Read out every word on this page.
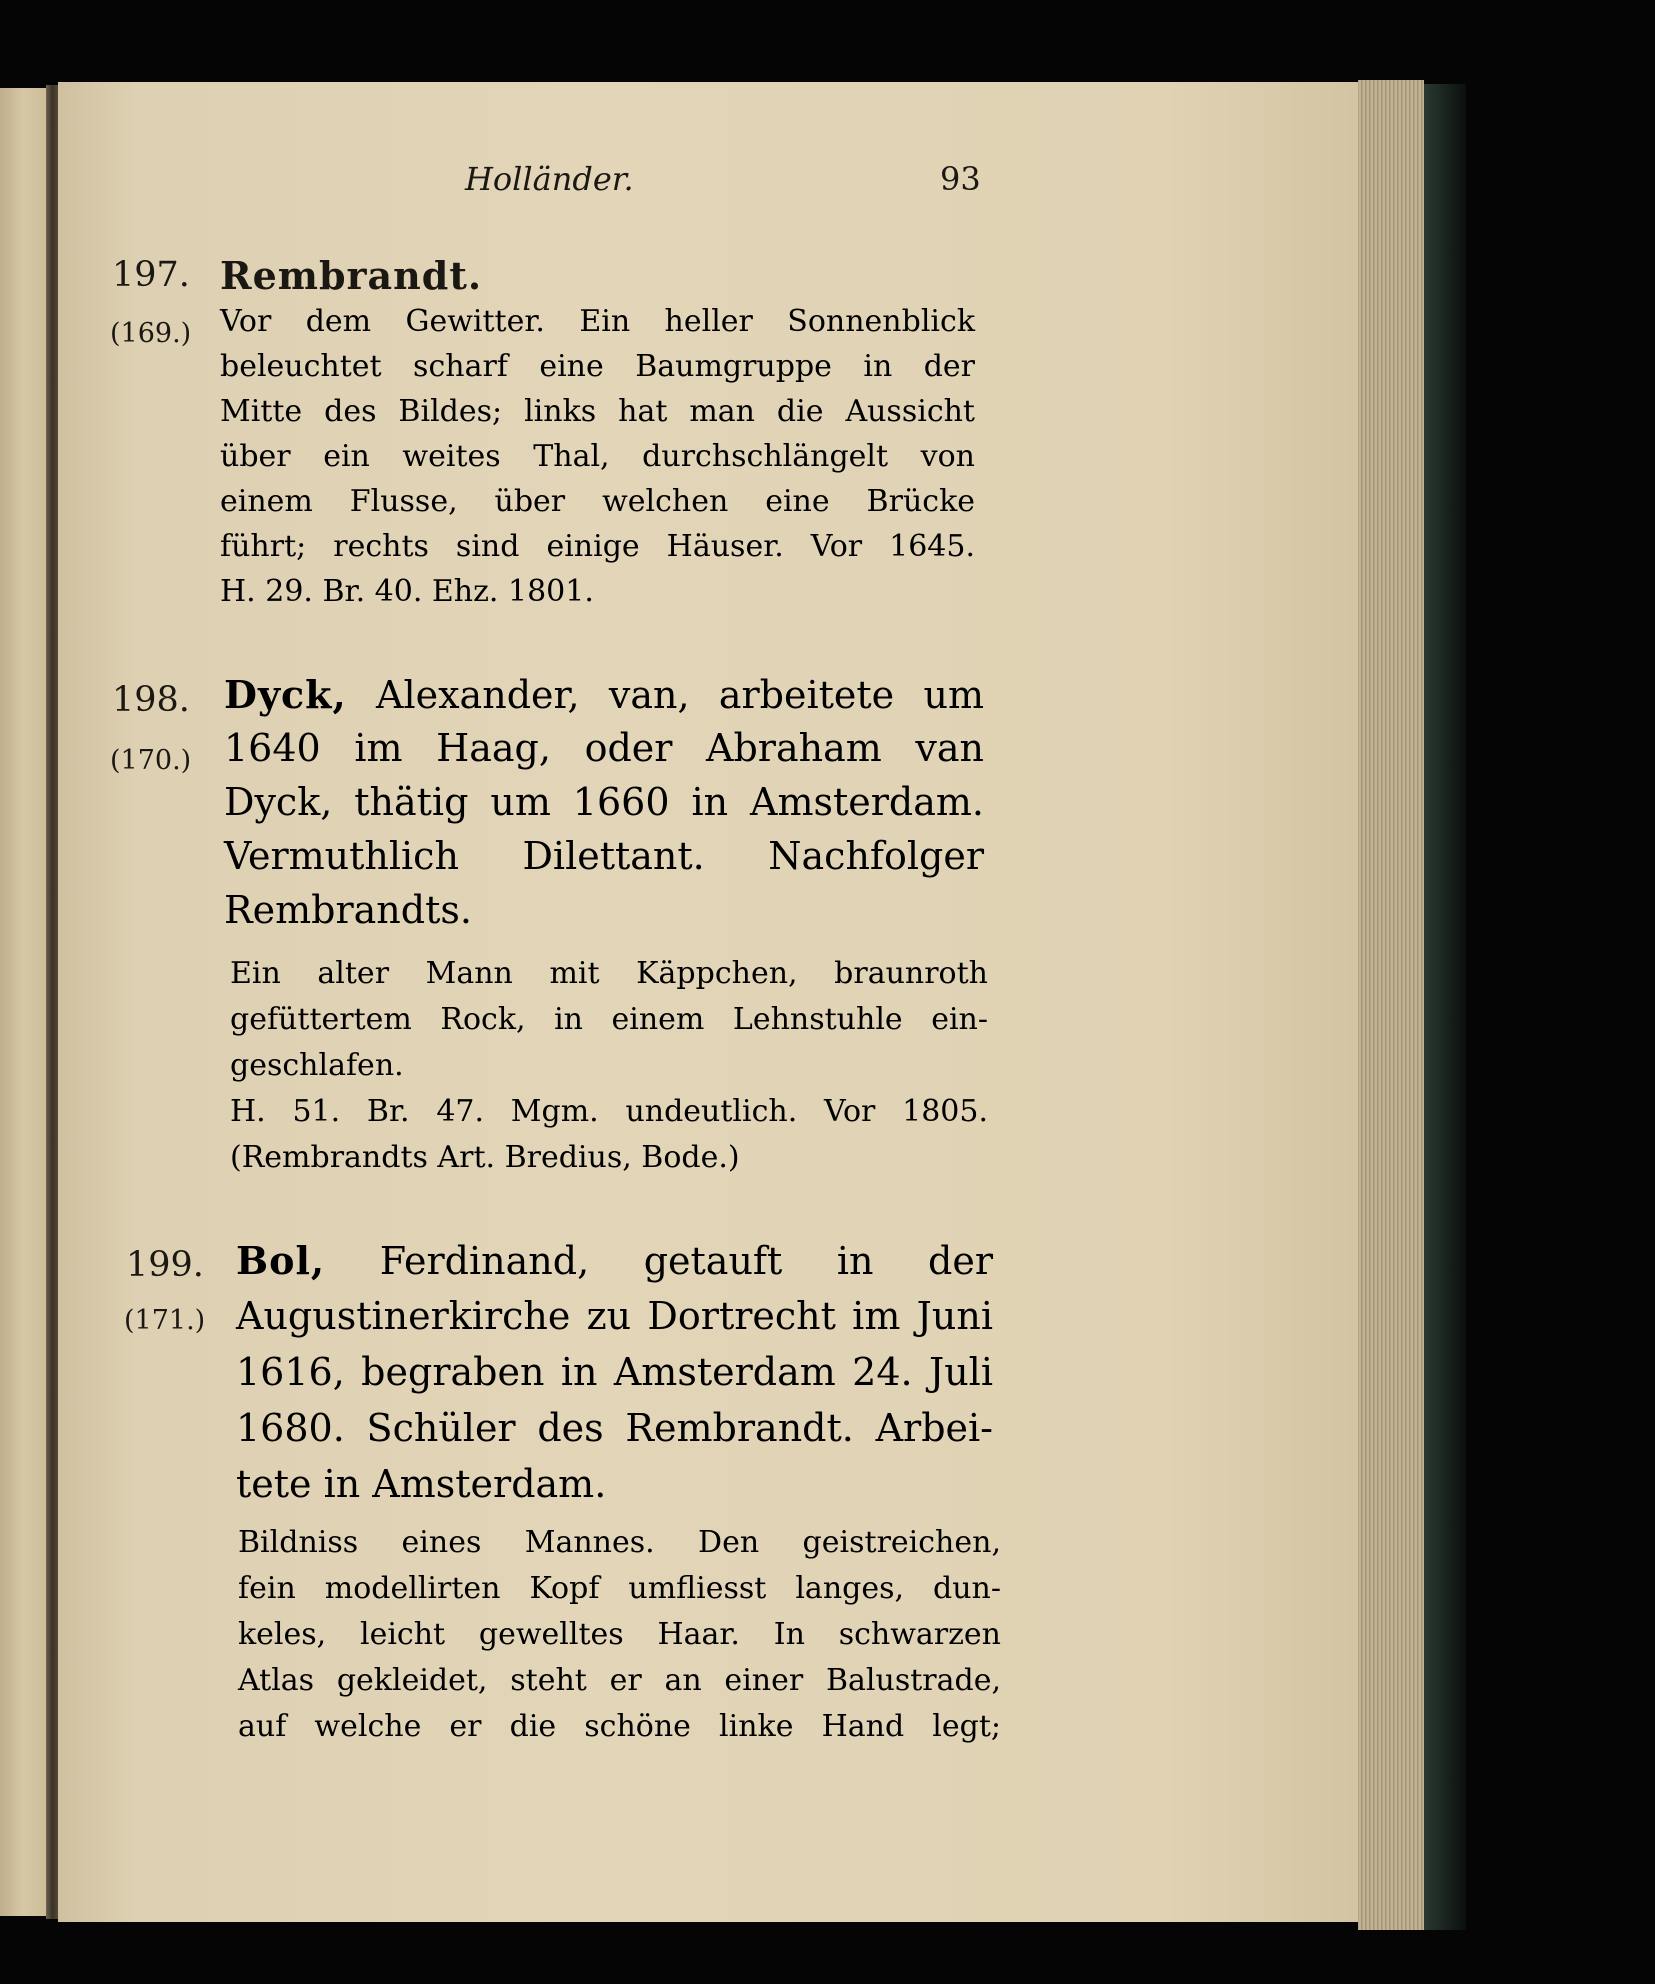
Holländer.	93
197. Rembrandt.
(169.) Vor dem Gewitter. Ein heller Sonnenblick
beleuchtet scharf eine Baumgruppe in der
Mitte des Bildes; links hat man die Aussicht
über ein weites Thal, durchschlängelt von
einem Flusse, über welchen eine Brücke
führt; rechts sind einige Häuser. Vor 1645.
H. 29. Br. 40. Ehz. 1801.
198.
(170.)
Dyck, Alexander, van, arbeitete um
1640 im Haag, oder Abraham van
Dyck, thätig um 1660 in Amsterdam.
Vermuthlich Dilettant. Nachfolger
Rembrandts.
Ein alter Mann mit Käppchen, braunroth
gefüttertem Rock, in einem Lehnstuhle ein-
geschlafen.
H. 51. Br. 47. Mgm. undeutlich. Vor 1805.
(Rembrandts Art. Bredius, Bode.)
199.
(171.)
Bol, Ferdinand, getauft in der
Augustinerkirche zu Dortrecht im Juni
1616, begraben in Amsterdam 24. Juli
1680. Schüler des Rembrandt. Arbei-
tete in Amsterdam.
Bildniss eines Mannes. Den geistreichen,
fein modellirten Kopf umfliesst langes, dun-
keles, leicht gewelltes Haar. In schwarzen
Atlas gekleidet, steht er an einer Balustrade,
auf welche er die schöne linke Hand legt;
